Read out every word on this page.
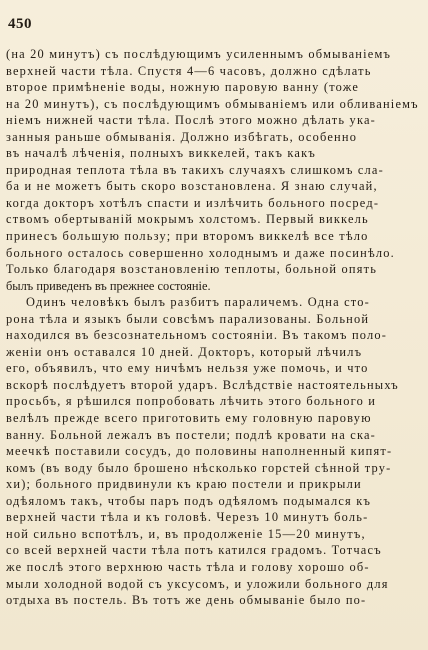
450
(на 20 минутъ) съ послѣдующимъ усиленнымъ обмываніемъ
верхней части тѣла. Спустя 4—6 часовъ, должно сдѣлать
второе примѣненіе воды, ножную паровую ванну (тоже
на 20 минутъ), съ послѣдующимъ обмываніемъ или обливаніемъ
ніемъ нижней части тѣла. Послѣ этого можно дѣлать ука-
занныя раньше обмыванія. Должно избѣгать, особенно
въ началѣ лѣченія, полныхъ виккелей, такъ какъ
природная теплота тѣла въ такихъ случаяхъ слишкомъ сла-
ба и не можетъ быть скоро возстановлена. Я знаю случай,
когда докторъ хотѣлъ спасти и излѣчить больного посред-
ствомъ обертываній мокрымъ холстомъ. Первый виккель
принесъ большую пользу; при второмъ виккелѣ все тѣло
больного осталось совершенно холоднымъ и даже посинѣло.
Только благодаря возстановленію теплоты, больной опять
былъ приведенъ въ прежнее состояніе.
Одинъ человѣкъ былъ разбитъ параличемъ. Одна сто-
рона тѣла и языкъ были совсѣмъ парализованы. Больной
находился въ безсознательномъ состояніи. Въ такомъ поло-
женіи онъ оставался 10 дней. Докторъ, который лѣчилъ
его, объявилъ, что ему ничѣмъ нельзя уже помочь, и что
вскорѣ послѣдуетъ второй ударъ. Вслѣдствіе настоятельныхъ
просьбъ, я рѣшился попробовать лѣчить этого больного и
велѣлъ прежде всего приготовить ему головную паровую
ванну. Больной лежалъ въ постели; подлѣ кровати на ска-
меечкѣ поставили сосудъ, до половины наполненный кипят-
комъ (въ воду было брошено нѣсколько горстей сѣнной тру-
хи); больного придвинули къ краю постели и прикрыли
одѣяломъ такъ, чтобы паръ подъ одѣяломъ подымался къ
верхней части тѣла и къ головѣ. Черезъ 10 минутъ боль-
ной сильно вспотѣлъ, и, въ продолженіе 15—20 минутъ,
со всей верхней части тѣла потъ катился градомъ. Тотчасъ
же послѣ этого верхнюю часть тѣла и голову хорошо об-
мыли холодной водой съ уксусомъ, и уложили больного для
отдыха въ постель. Въ тотъ же день обмываніе было по-
